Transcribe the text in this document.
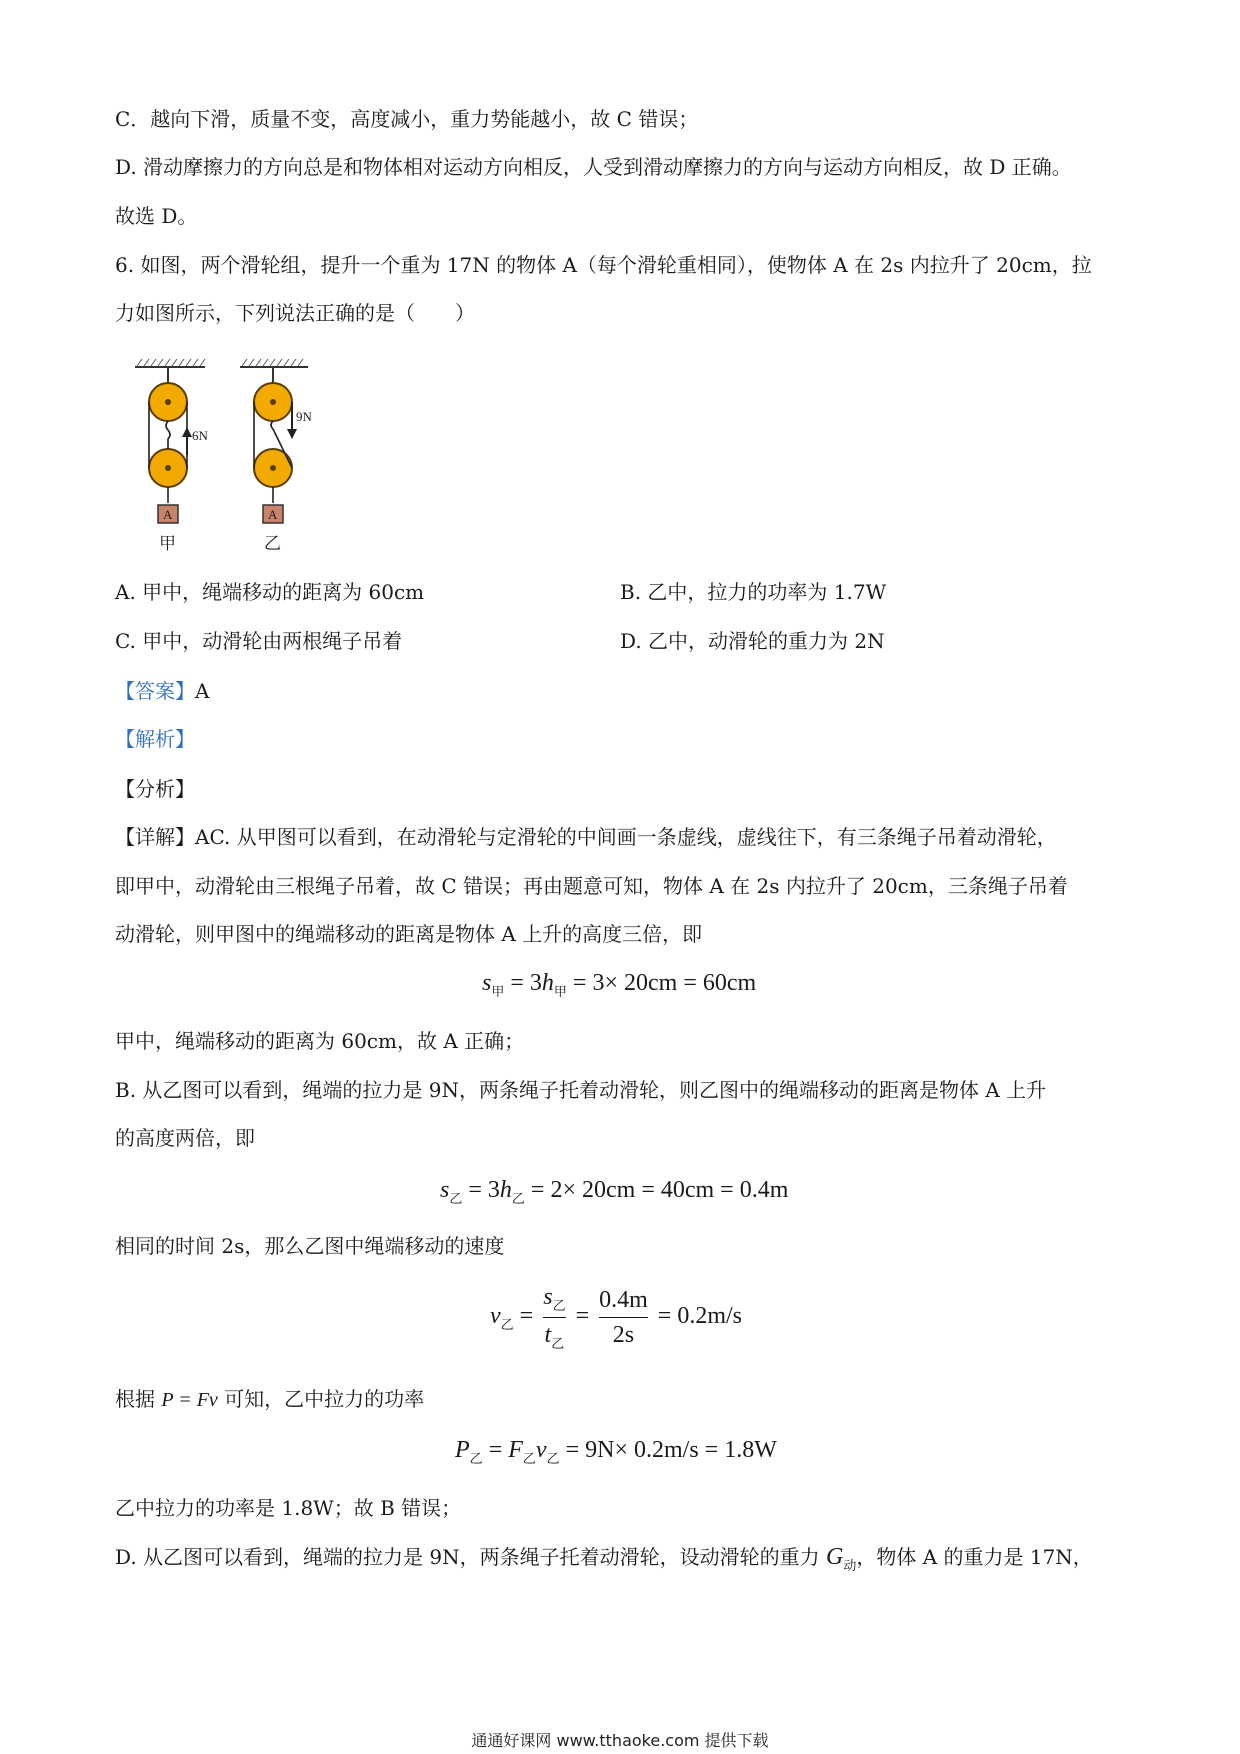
C．越向下滑，质量不变，高度减小，重力势能越小，故 C 错误；
D. 滑动摩擦力的方向总是和物体相对运动方向相反，人受到滑动摩擦力的方向与运动方向相反，故 D 正确。
故选 D。
6. 如图，两个滑轮组，提升一个重为 17N 的物体 A（每个滑轮重相同），使物体 A 在 2s 内拉升了 20cm，拉
力如图所示，下列说法正确的是（　　）
6N
A
甲
9N
A
乙
A. 甲中，绳端移动的距离为 60cm	B. 乙中，拉力的功率为 1.7W
C. 甲中，动滑轮由两根绳子吊着	D. 乙中，动滑轮的重力为 2N
【答案】A
【解析】
【分析】
【详解】AC. 从甲图可以看到，在动滑轮与定滑轮的中间画一条虚线，虚线往下，有三条绳子吊着动滑轮，
即甲中，动滑轮由三根绳子吊着，故 C 错误；再由题意可知，物体 A 在 2s 内拉升了 20cm，三条绳子吊着
动滑轮，则甲图中的绳端移动的距离是物体 A 上升的高度三倍，即
$s_甲 = 3h_甲 = 3\times 20cm = 60cm$
甲中，绳端移动的距离为 60cm，故 A 正确；
B. 从乙图可以看到，绳端的拉力是 9N，两条绳子托着动滑轮，则乙图中的绳端移动的距离是物体 A 上升
的高度两倍，即
$s_乙 = 3h_乙 = 2\times 20cm = 40cm = 0.4m$
相同的时间 2s，那么乙图中绳端移动的速度
$v_乙 = \frac{s_乙}{t_乙} = \frac{0.4m}{2s} = 0.2m/s$
根据 P = Fv 可知，乙中拉力的功率
$P_乙 = F_乙v_乙 = 9N\times 0.2m/s = 1.8W$
乙中拉力的功率是 1.8W；故 B 错误；
D. 从乙图可以看到，绳端的拉力是 9N，两条绳子托着动滑轮，设动滑轮的重力 $G_动$，物体 A 的重力是 17N，
通通好课网 www.tthaoke.com 提供下载
